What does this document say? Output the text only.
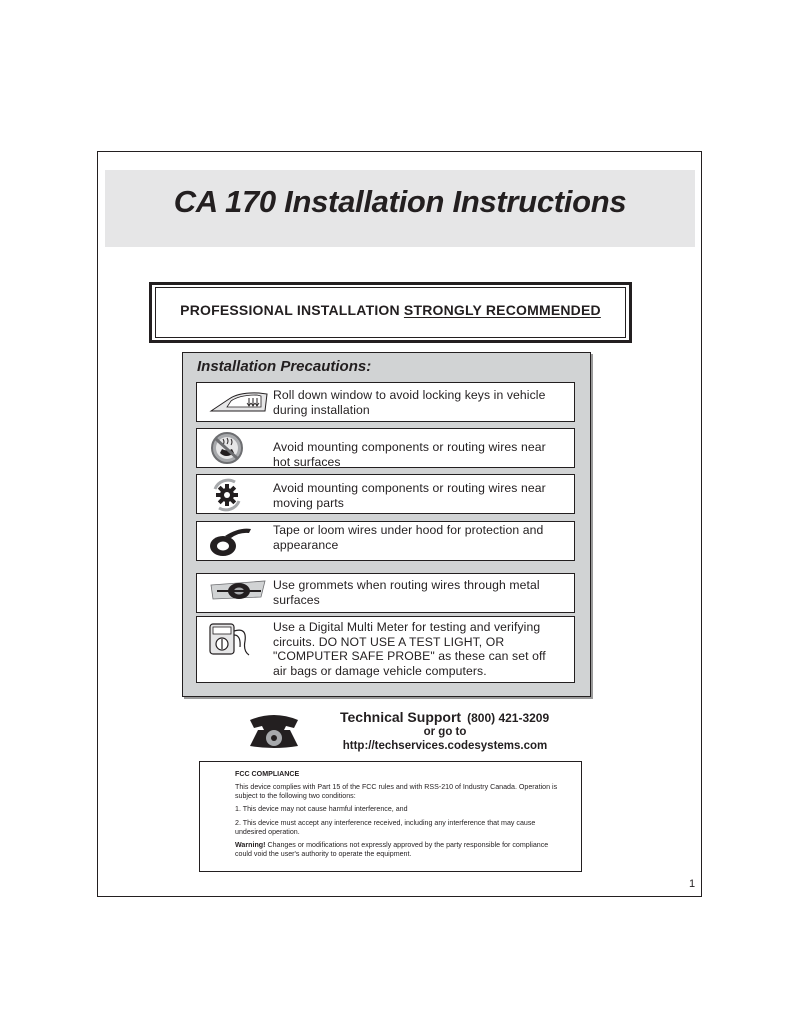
CA 170 Installation Instructions
PROFESSIONAL INSTALLATION STRONGLY RECOMMENDED
Installation Precautions:
Roll down window to avoid locking keys in vehicle during installation
Avoid mounting components or routing wires near hot surfaces
Avoid mounting components or routing wires near moving parts
Tape or loom wires under hood for protection and appearance
Use grommets when routing wires through metal surfaces
Use a Digital Multi Meter for testing and verifying circuits. DO NOT USE A TEST LIGHT, OR "COMPUTER SAFE PROBE" as these can set off air bags or damage vehicle computers.
Technical Support (800) 421-3209
or go to
http://techservices.codesystems.com
FCC COMPLIANCE
This device complies with Part 15 of the FCC rules and with RSS-210 of Industry Canada. Operation is subject to the following two conditions:
1. This device may not cause harmful interference, and
2. This device must accept any interference received, including any interference that may cause undesired operation.
Warning! Changes or modifications not expressly approved by the party responsible for compliance could void the user's authority to operate the equipment.
1
